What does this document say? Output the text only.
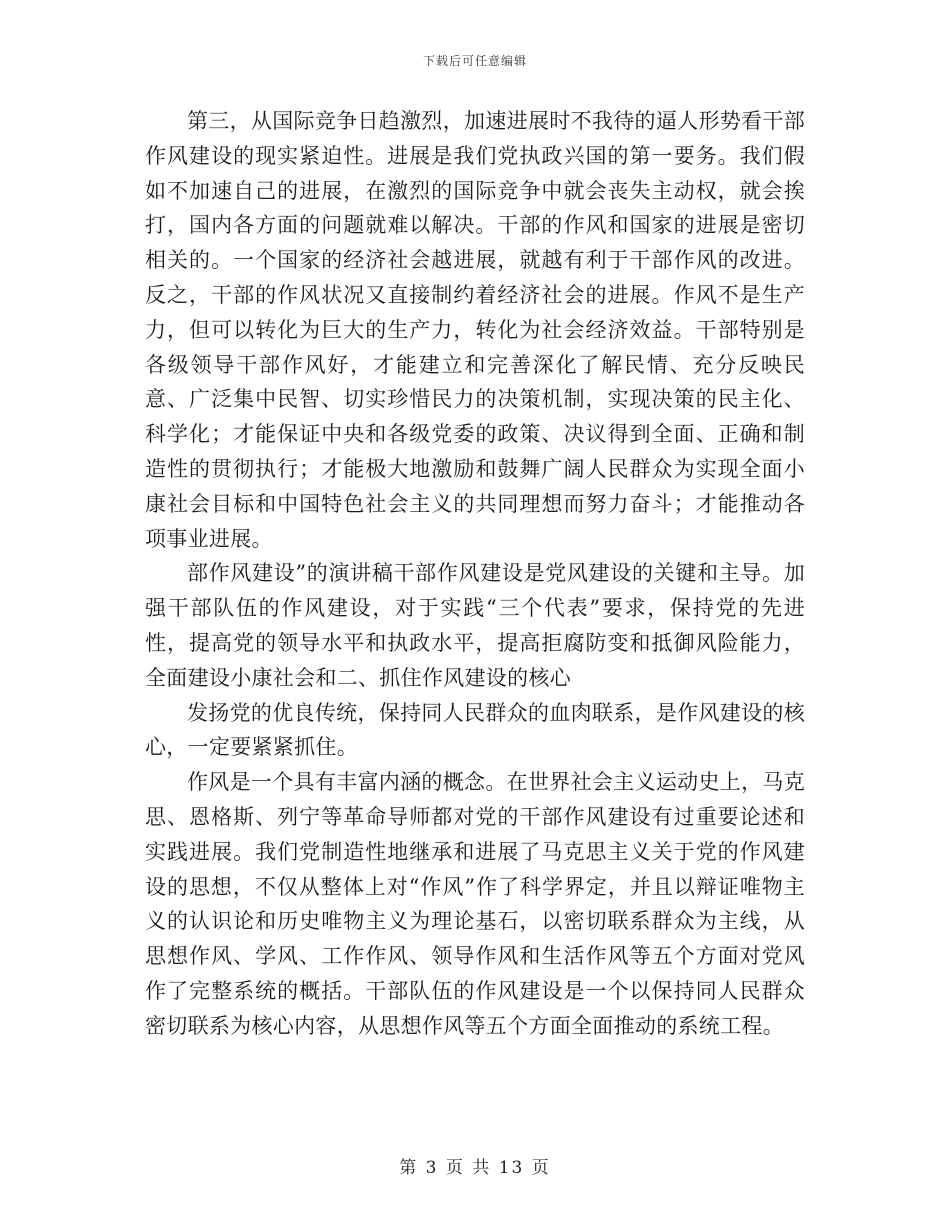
下载后可任意编辑

第三，从国际竞争日趋激烈，加速进展时不我待的逼人形势看干部作风建设的现实紧迫性。进展是我们党执政兴国的第一要务。我们假如不加速自己的进展，在激烈的国际竞争中就会丧失主动权，就会挨打，国内各方面的问题就难以解决。干部的作风和国家的进展是密切相关的。一个国家的经济社会越进展，就越有利于干部作风的改进。反之，干部的作风状况又直接制约着经济社会的进展。作风不是生产力，但可以转化为巨大的生产力，转化为社会经济效益。干部特别是各级领导干部作风好，才能建立和完善深化了解民情、充分反映民意、广泛集中民智、切实珍惜民力的决策机制，实现决策的民主化、科学化；才能保证中央和各级党委的政策、决议得到全面、正确和制造性的贯彻执行；才能极大地激励和鼓舞广阔人民群众为实现全面小康社会目标和中国特色社会主义的共同理想而努力奋斗；才能推动各项事业进展。

部作风建设”的演讲稿干部作风建设是党风建设的关键和主导。加强干部队伍的作风建设，对于实践“三个代表”要求，保持党的先进性，提高党的领导水平和执政水平，提高拒腐防变和抵御风险能力，全面建设小康社会和二、抓住作风建设的核心

发扬党的优良传统，保持同人民群众的血肉联系，是作风建设的核心，一定要紧紧抓住。

作风是一个具有丰富内涵的概念。在世界社会主义运动史上，马克思、恩格斯、列宁等革命导师都对党的干部作风建设有过重要论述和实践进展。我们党制造性地继承和进展了马克思主义关于党的作风建设的思想，不仅从整体上对“作风”作了科学界定，并且以辩证唯物主义的认识论和历史唯物主义为理论基石，以密切联系群众为主线，从思想作风、学风、工作作风、领导作风和生活作风等五个方面对党风作了完整系统的概括。干部队伍的作风建设是一个以保持同人民群众密切联系为核心内容，从思想作风等五个方面全面推动的系统工程。

第 3 页 共 13 页
